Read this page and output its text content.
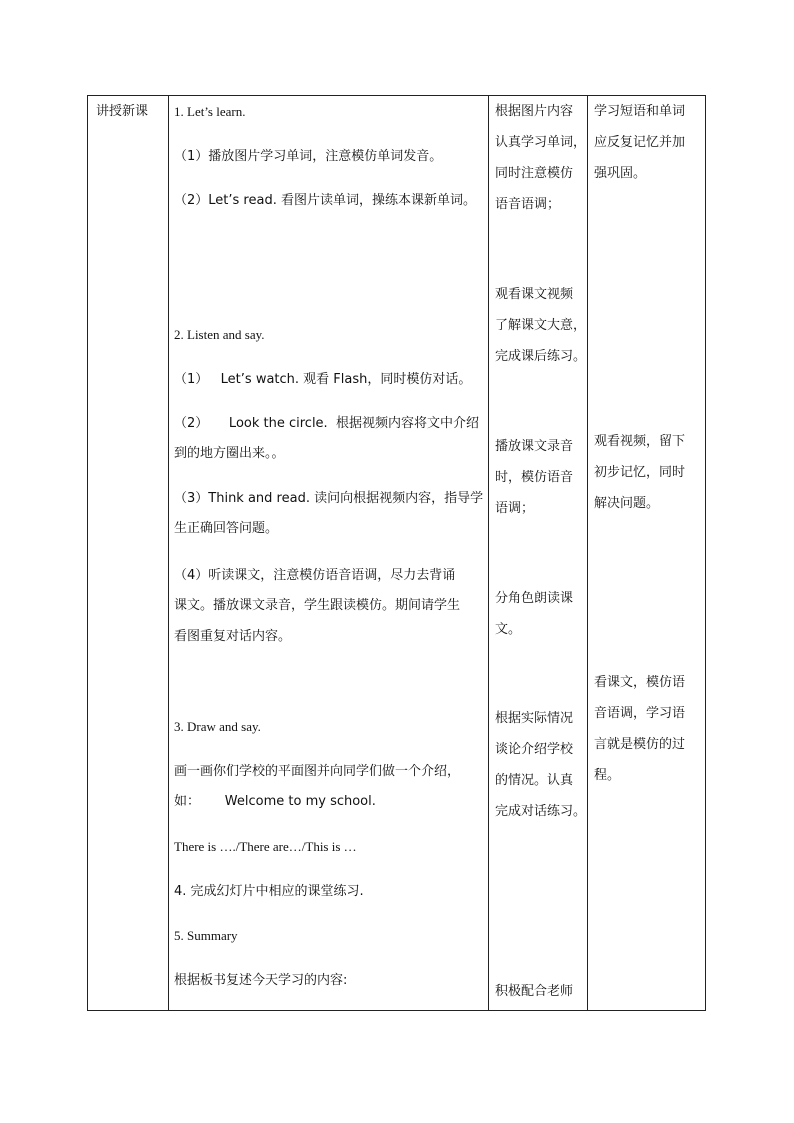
讲授新课 1. Let’s learn.
（1）播放图片学习单词，注意模仿单词发音。
（2）Let’s read. 看图片读单词，操练本课新单词。
2. Listen and say.
（1）   Let’s watch. 观看 Flash，同时模仿对话。
（2）     Look the circle.  根据视频内容将文中介绍
到的地方圈出来。。
（3）Think and read. 读问向根据视频内容，指导学
生正确回答问题。
（4）听读课文，注意模仿语音语调，尽力去背诵
课文。播放课文录音，学生跟读模仿。期间请学生
看图重复对话内容。
3. Draw and say.
画一画你们学校的平面图并向同学们做一个介绍，
如：      Welcome to my school.
There is …./There are…/This is …
4. 完成幻灯片中相应的课堂练习.
5. Summary
根据板书复述今天学习的内容:
根据图片内容
认真学习单词，
同时注意模仿
语音语调；
观看课文视频
了解课文大意，
完成课后练习。
播放课文录音
时，模仿语音
语调；
分角色朗读课
文。
根据实际情况
谈论介绍学校
的情况。认真
完成对话练习。
积极配合老师
学习短语和单词
应反复记忆并加
强巩固。
观看视频，留下
初步记忆，同时
解决问题。
看课文，模仿语
音语调，学习语
言就是模仿的过
程。
